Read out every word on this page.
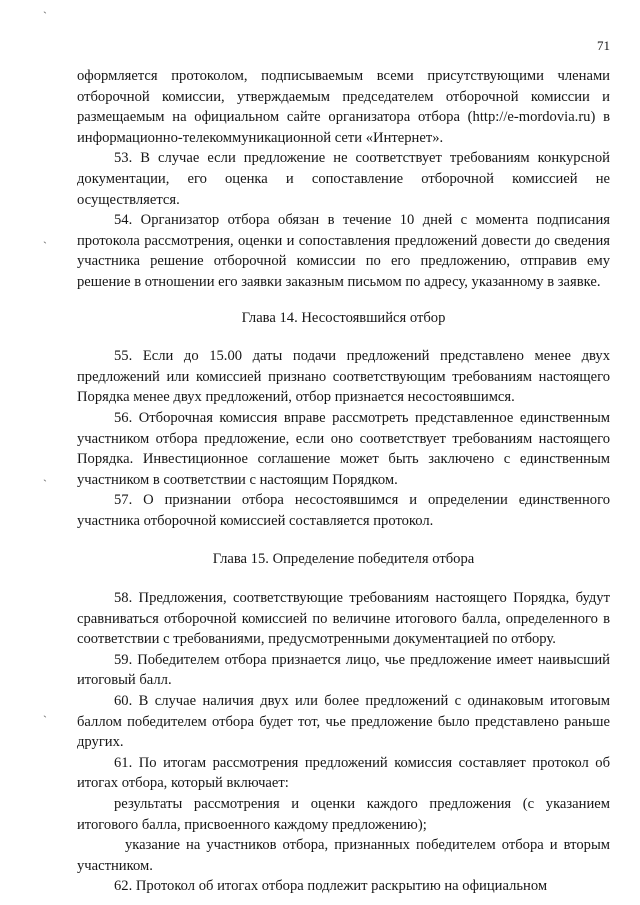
71
`
`
`
`

оформляется протоколом, подписываемым всеми присутствующими членами отборочной комиссии, утверждаемым председателем отборочной комиссии и размещаемым на официальном сайте организатора отбора (http://e-mordovia.ru) в информационно-телекоммуникационной сети «Интернет».

53. В случае если предложение не соответствует требованиям конкурсной документации, его оценка и сопоставление отборочной комиссией не осуществляется.

54. Организатор отбора обязан в течение 10 дней с момента подписания протокола рассмотрения, оценки и сопоставления предложений довести до сведения участника решение отборочной комиссии по его предложению, отправив ему решение в отношении его заявки заказным письмом по адресу, указанному в заявке.

Глава 14. Несостоявшийся отбор

55. Если до 15.00 даты подачи предложений представлено менее двух предложений или комиссией признано соответствующим требованиям настоящего Порядка менее двух предложений, отбор признается несостоявшимся.

56. Отборочная комиссия вправе рассмотреть представленное единственным участником отбора предложение, если оно соответствует требованиям настоящего Порядка. Инвестиционное соглашение может быть заключено с единственным участником в соответствии с настоящим Порядком.

57. О признании отбора несостоявшимся и определении единственного участника отборочной комиссией составляется протокол.

Глава 15. Определение победителя отбора

58. Предложения, соответствующие требованиям настоящего Порядка, будут сравниваться отборочной комиссией по величине итогового балла, определенного в соответствии с требованиями, предусмотренными документацией по отбору.

59. Победителем отбора признается лицо, чье предложение имеет наивысший итоговый балл.

60. В случае наличия двух или более предложений с одинаковым итоговым баллом победителем отбора будет тот, чье предложение было представлено раньше других.

61. По итогам рассмотрения предложений комиссия составляет протокол об итогах отбора, который включает:

результаты рассмотрения и оценки каждого предложения (с указанием итогового балла, присвоенного каждому предложению);

указание на участников отбора, признанных победителем отбора и вторым участником.

62. Протокол об итогах отбора подлежит раскрытию на официальном
